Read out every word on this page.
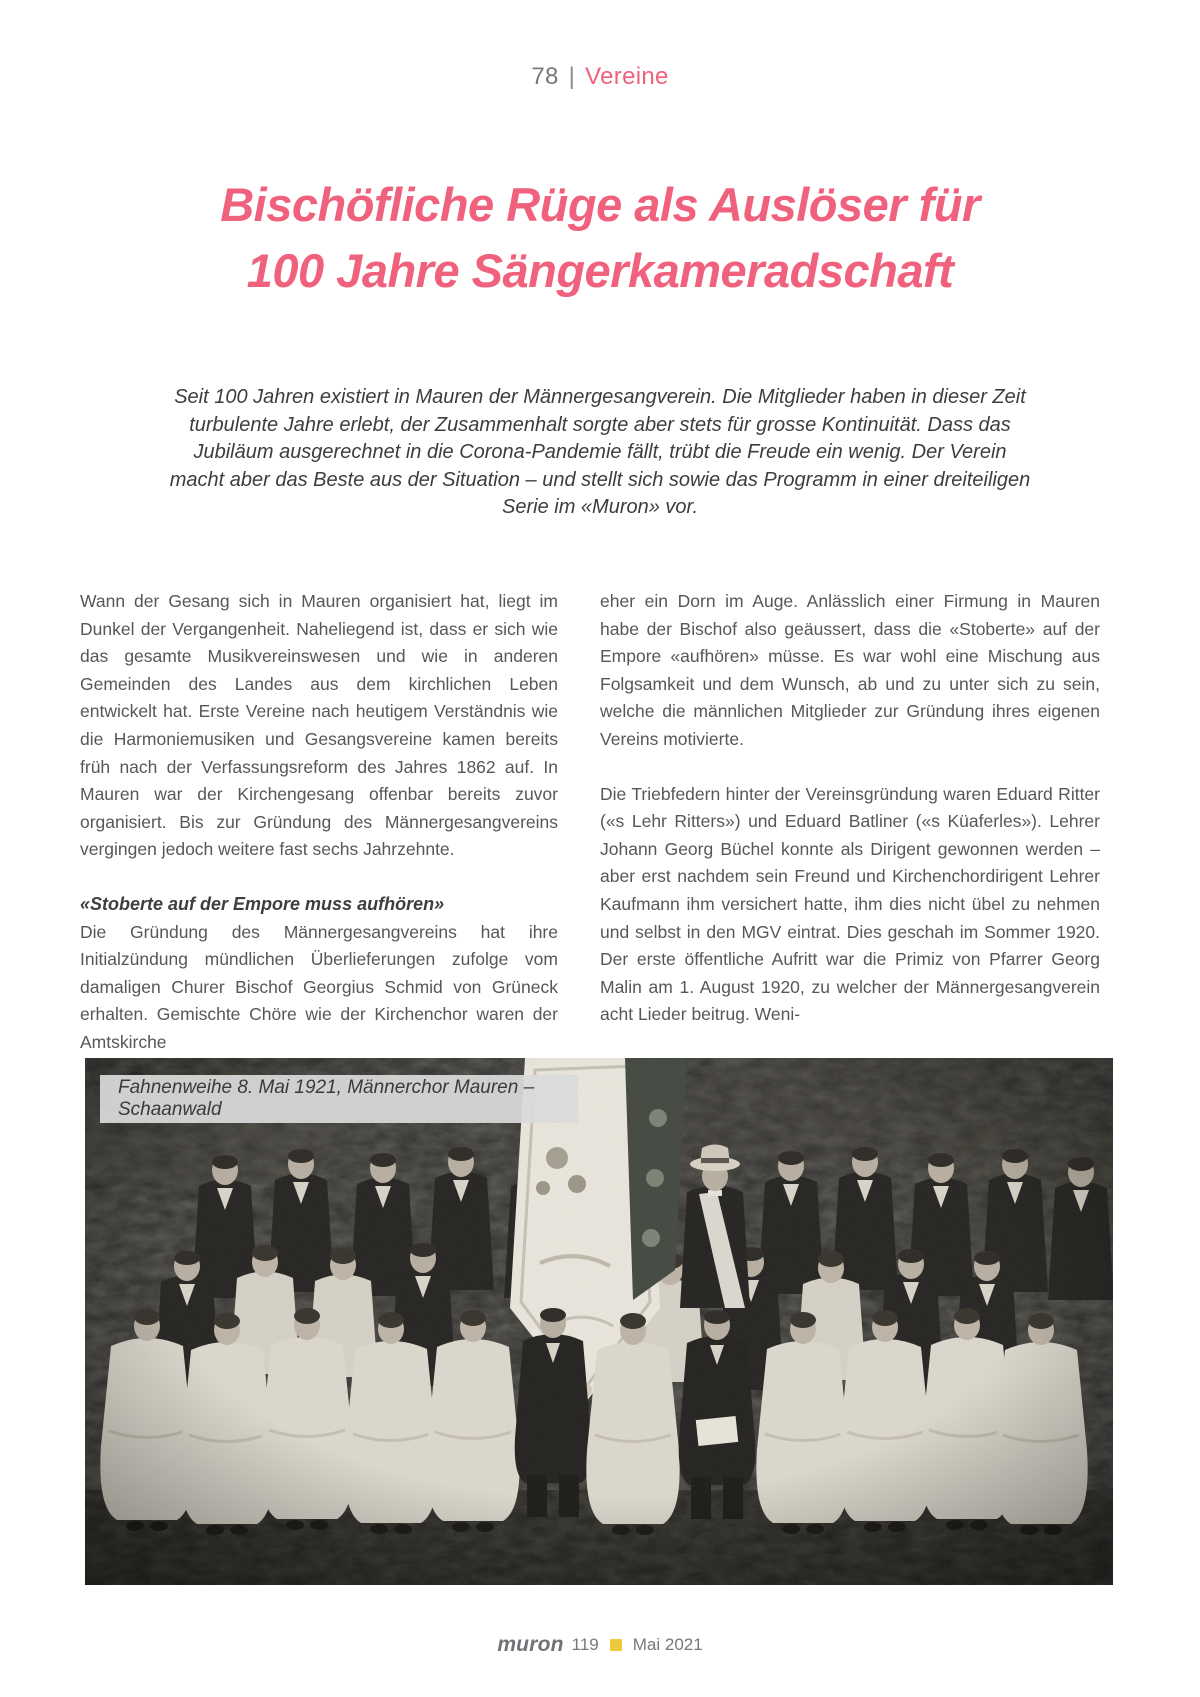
78 | Vereine
Bischöfliche Rüge als Auslöser für
100 Jahre Sängerkameradschaft
Seit 100 Jahren existiert in Mauren der Männergesangverein. Die Mitglieder haben in dieser Zeit turbulente Jahre erlebt, der Zusammenhalt sorgte aber stets für grosse Kontinuität. Dass das Jubiläum ausgerechnet in die Corona-Pandemie fällt, trübt die Freude ein wenig. Der Verein macht aber das Beste aus der Situation – und stellt sich sowie das Programm in einer dreiteiligen Serie im «Muron» vor.

Wann der Gesang sich in Mauren organisiert hat, liegt im Dunkel der Vergangenheit. Naheliegend ist, dass er sich wie das gesamte Musikvereinswesen und wie in anderen Gemeinden des Landes aus dem kirchlichen Leben entwickelt hat. Erste Vereine nach heutigem Verständnis wie die Harmoniemusiken und Gesangsvereine kamen bereits früh nach der Verfassungsreform des Jahres 1862 auf. In Mauren war der Kirchengesang offenbar bereits zuvor organisiert. Bis zur Gründung des Männergesangvereins vergingen jedoch weitere fast sechs Jahrzehnte.

«Stoberte auf der Empore muss aufhören»

Die Gründung des Männergesangvereins hat ihre Initialzündung mündlichen Überlieferungen zufolge vom damaligen Churer Bischof Georgius Schmid von Grüneck erhalten. Gemischte Chöre wie der Kirchenchor waren der Amtskirche

eher ein Dorn im Auge. Anlässlich einer Firmung in Mauren habe der Bischof also geäussert, dass die «Stoberte» auf der Empore «aufhören» müsse. Es war wohl eine Mischung aus Folgsamkeit und dem Wunsch, ab und zu unter sich zu sein, welche die männlichen Mitglieder zur Gründung ihres eigenen Vereins motivierte.

Die Triebfedern hinter der Vereinsgründung waren Eduard Ritter («s Lehr Ritters») und Eduard Batliner («s Küaferles»). Lehrer Johann Georg Büchel konnte als Dirigent gewonnen werden – aber erst nachdem sein Freund und Kirchenchordirigent Lehrer Kaufmann ihm versichert hatte, ihm dies nicht übel zu nehmen und selbst in den MGV eintrat. Dies geschah im Sommer 1920. Der erste öffentliche Aufritt war die Primiz von Pfarrer Georg Malin am 1. August 1920, zu welcher der Männergesangverein acht Lieder beitrug. Weni-

Fahnenweihe 8. Mai 1921, Männerchor Mauren – Schaanwald
muron 119 Mai 2021
